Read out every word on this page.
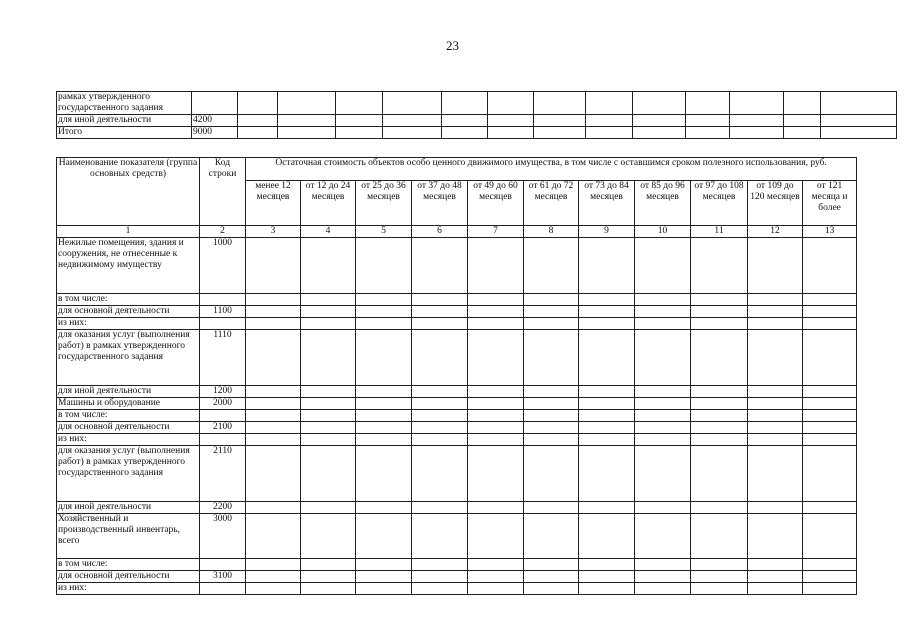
23
рамках утвержденного государственного задания														
для иной деятельности	4200													
Итого	9000													
Наименование показателя (группа основных средств)	Код строки	Остаточная стоимость объектов особо ценного движимого имущества, в том числе с оставшимся сроком полезного использования, руб.										
		менее 12 месяцев	от 12 до 24 месяцев	от 25 до 36 месяцев	от 37 до 48 месяцев	от 49 до 60 месяцев	от 61 до 72 месяцев	от 73 до 84 месяцев	от 85 до 96 месяцев	от 97 до 108 месяцев	от 109 до 120 месяцев	от 121 месяца и более
1	2	3	4	5	6	7	8	9	10	11	12	13
Нежилые помещения, здания и сооружения, не отнесенные к недвижимому имуществу	1000											
в том числе:												
для основной деятельности	1100											
из них:												
для оказания услуг (выполнения работ) в рамках утвержденного государственного задания	1110											
для иной деятельности	1200											
Машины и оборудование	2000											
в том числе:												
для основной деятельности	2100											
из них:												
для оказания услуг (выполнения работ) в рамках утвержденного государственного задания	2110											
для иной деятельности	2200											
Хозяйственный и производственный инвентарь, всего	3000											
в том числе:												
для основной деятельности	3100											
из них:												
